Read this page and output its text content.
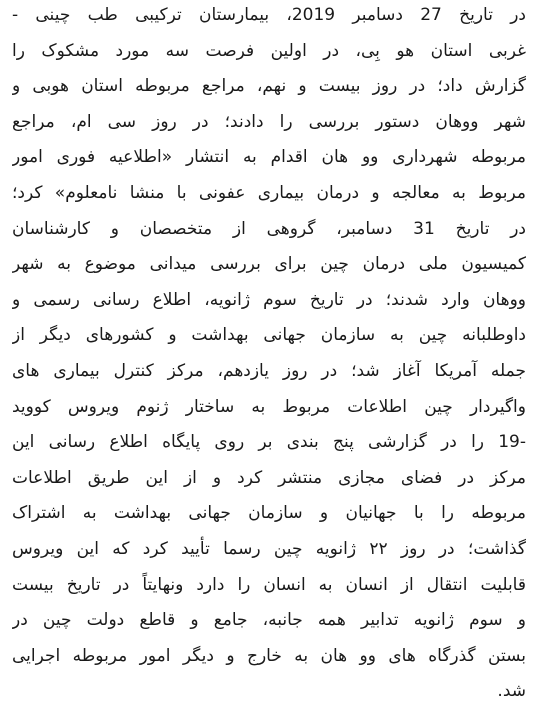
در تاریخ 27 دسامبر 2019، بیمارستان ترکیبی طب چینی -
غربی استان هو بِی، در اولین فرصت سه مورد مشکوک را
گزارش داد؛ در روز بیست و نهم، مراجع مربوطه استان هوبی و
شهر ووهان دستور بررسی را دادند؛ در روز سی ام، مراجع
مربوطه شهرداری وو هان اقدام به انتشار «اطلاعیه فوری امور
مربوط به معالجه و درمان بیماری عفونی با منشا نامعلوم» کرد؛
در تاریخ 31 دسامبر، گروهی از متخصصان و کارشناسان
کمیسیون ملی درمان چین برای بررسی میدانی موضوع به شهر
ووهان وارد شدند؛ در تاریخ سوم ژانویه، اطلاع رسانی رسمی و
داوطلبانه چین به سازمان جهانی بهداشت و کشورهای دیگر از
جمله آمریکا آغاز شد؛ در روز یازدهم، مرکز کنترل بیماری های
واگیردار چین اطلاعات مربوط به ساختار ژنوم ویروس کووید
-19 را در گزارشی پنج بندی بر روی پایگاه اطلاع رسانی این
مرکز در فضای مجازی منتشر کرد و از این طریق اطلاعات
مربوطه را با جهانیان و سازمان جهانی بهداشت به اشتراک
گذاشت؛ در روز ۲۲ ژانویه چین رسما تأیید کرد که این ویروس
قابلیت انتقال از انسان به انسان را دارد ونهایتاً در تاریخ بیست
و سوم ژانویه تدابیر همه جانبه، جامع و قاطع دولت چین در
بستن گذرگاه های وو هان به خارج و دیگر امور مربوطه اجرایی
شد.
